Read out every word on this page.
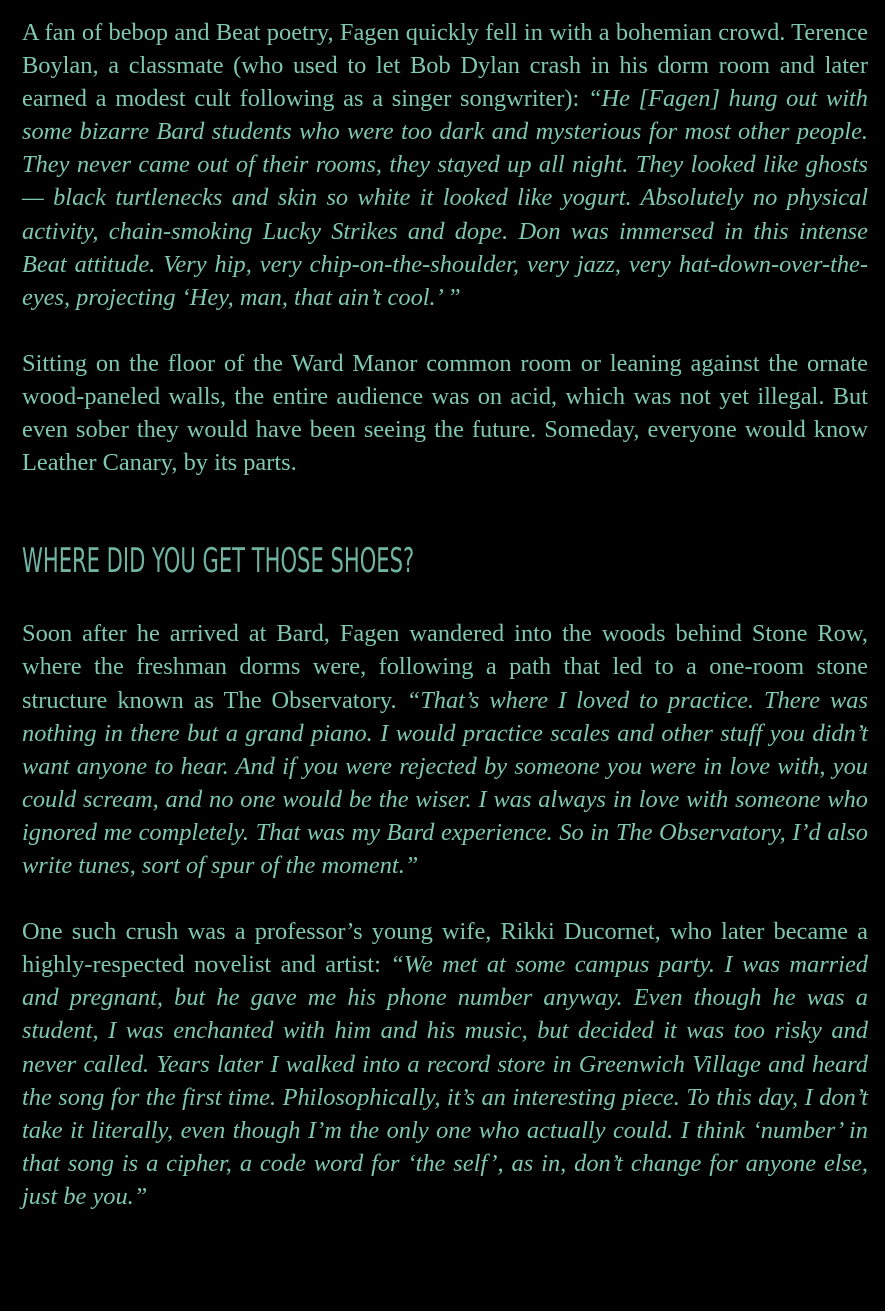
A fan of bebop and Beat poetry, Fagen quickly fell in with a bohemian crowd. Terence Boylan, a classmate (who used to let Bob Dylan crash in his dorm room and later earned a modest cult following as a singer songwriter): “He [Fagen] hung out with some bizarre Bard students who were too dark and mysterious for most other people. They never came out of their rooms, they stayed up all night. They looked like ghosts — black turtlenecks and skin so white it looked like yogurt. Absolutely no physical activity, chain-smoking Lucky Strikes and dope. Don was immersed in this intense Beat attitude. Very hip, very chip-on-the-shoulder, very jazz, very hat-down-over-the-eyes, projecting ‘Hey, man, that ain’t cool.’ ”

Sitting on the floor of the Ward Manor common room or leaning against the ornate wood-paneled walls, the entire audience was on acid, which was not yet illegal. But even sober they would have been seeing the future. Someday, everyone would know Leather Canary, by its parts.

WHERE DID YOU GET THOSE SHOES?

Soon after he arrived at Bard, Fagen wandered into the woods behind Stone Row, where the freshman dorms were, following a path that led to a one-room stone structure known as The Observatory. “That’s where I loved to practice. There was nothing in there but a grand piano. I would practice scales and other stuff you didn’t want anyone to hear. And if you were rejected by someone you were in love with, you could scream, and no one would be the wiser. I was always in love with someone who ignored me completely. That was my Bard experience. So in The Observatory, I’d also write tunes, sort of spur of the moment.”

One such crush was a professor’s young wife, Rikki Ducornet, who later became a highly-respected novelist and artist: “We met at some campus party. I was married and pregnant, but he gave me his phone number anyway. Even though he was a student, I was enchanted with him and his music, but decided it was too risky and never called. Years later I walked into a record store in Greenwich Village and heard the song for the first time. Philosophically, it’s an interesting piece. To this day, I don’t take it literally, even though I’m the only one who actually could. I think ‘number’ in that song is a cipher, a code word for ‘the self’, as in, don’t change for anyone else, just be you.”
